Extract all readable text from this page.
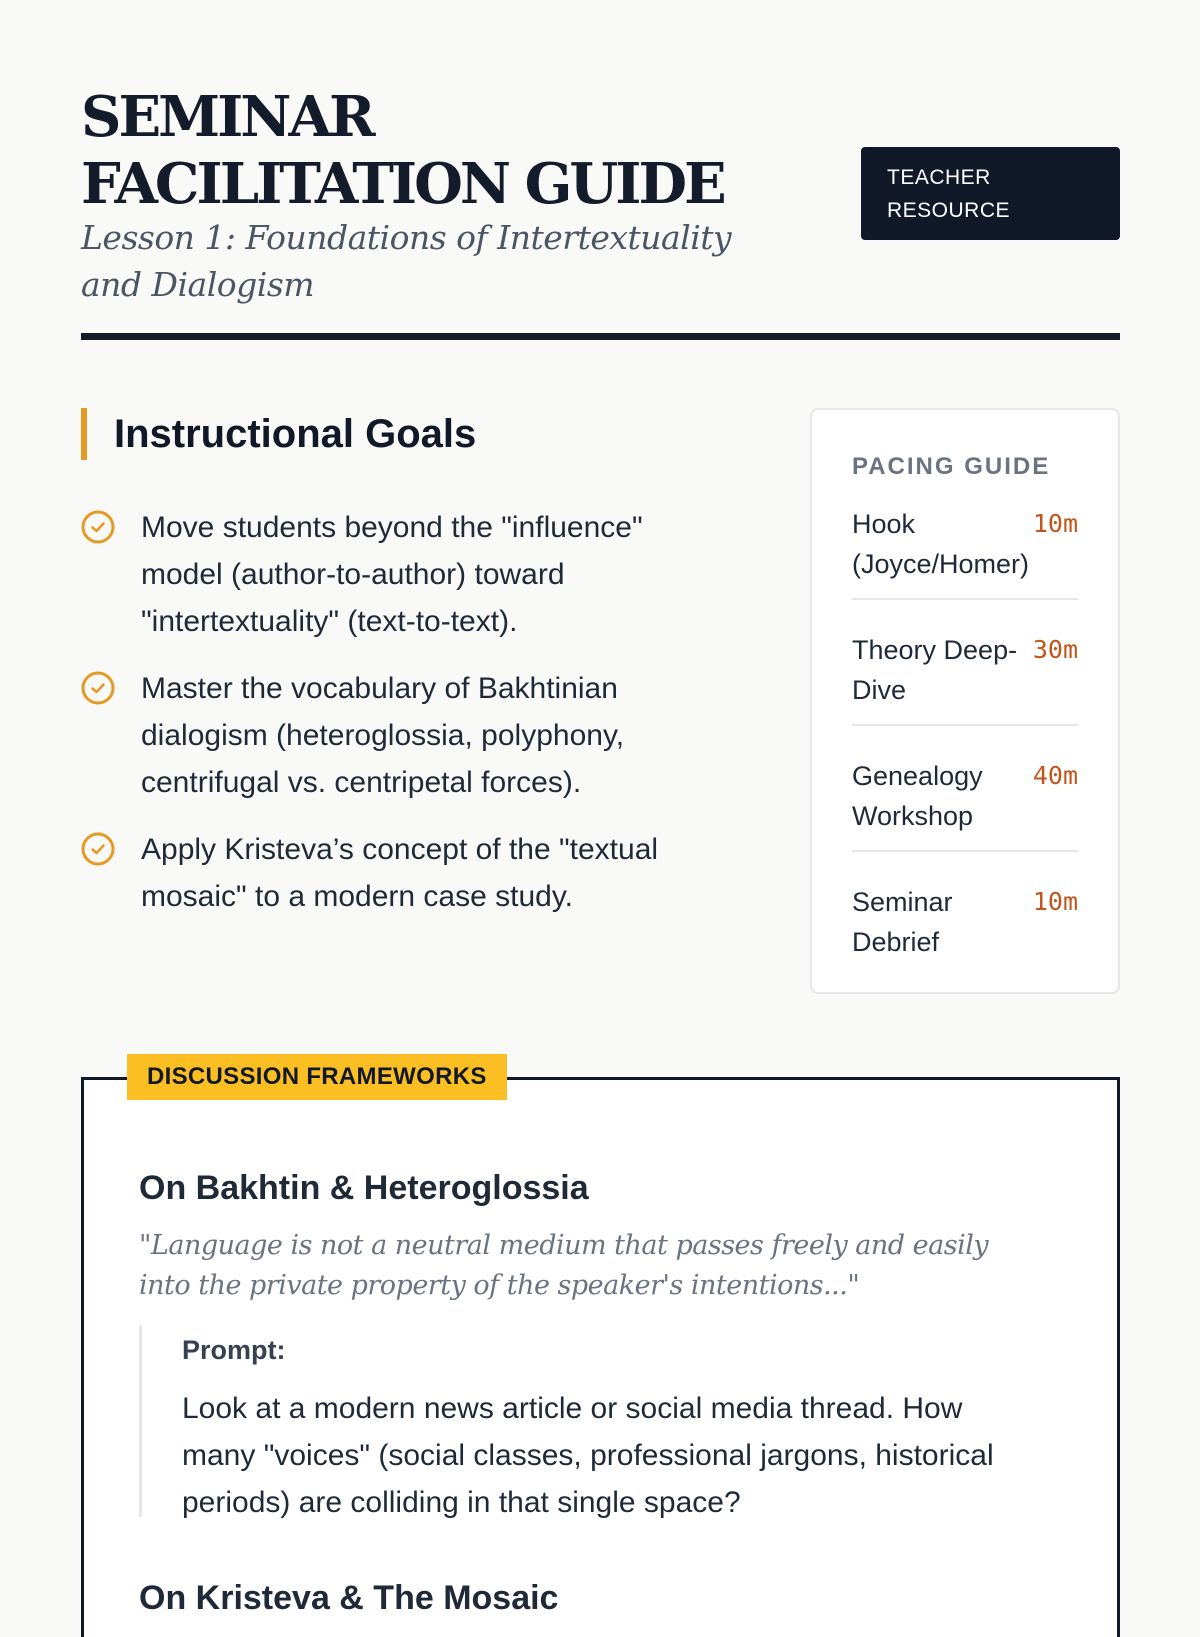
SEMINAR FACILITATION GUIDE
Lesson 1: Foundations of Intertextuality and Dialogism
TEACHER RESOURCE
Instructional Goals
Move students beyond the "influence" model (author-to-author) toward "intertextuality" (text-to-text).
Master the vocabulary of Bakhtinian dialogism (heteroglossia, polyphony, centrifugal vs. centripetal forces).
Apply Kristeva’s concept of the "textual mosaic" to a modern case study.
PACING GUIDE
Hook (Joyce/Homer)
10m
Theory Deep-Dive
30m
Genealogy Workshop
40m
Seminar Debrief
10m
DISCUSSION FRAMEWORKS
On Bakhtin & Heteroglossia
"Language is not a neutral medium that passes freely and easily into the private property of the speaker's intentions..."
Prompt:
Look at a modern news article or social media thread. How many "voices" (social classes, professional jargons, historical periods) are colliding in that single space?
On Kristeva & The Mosaic
